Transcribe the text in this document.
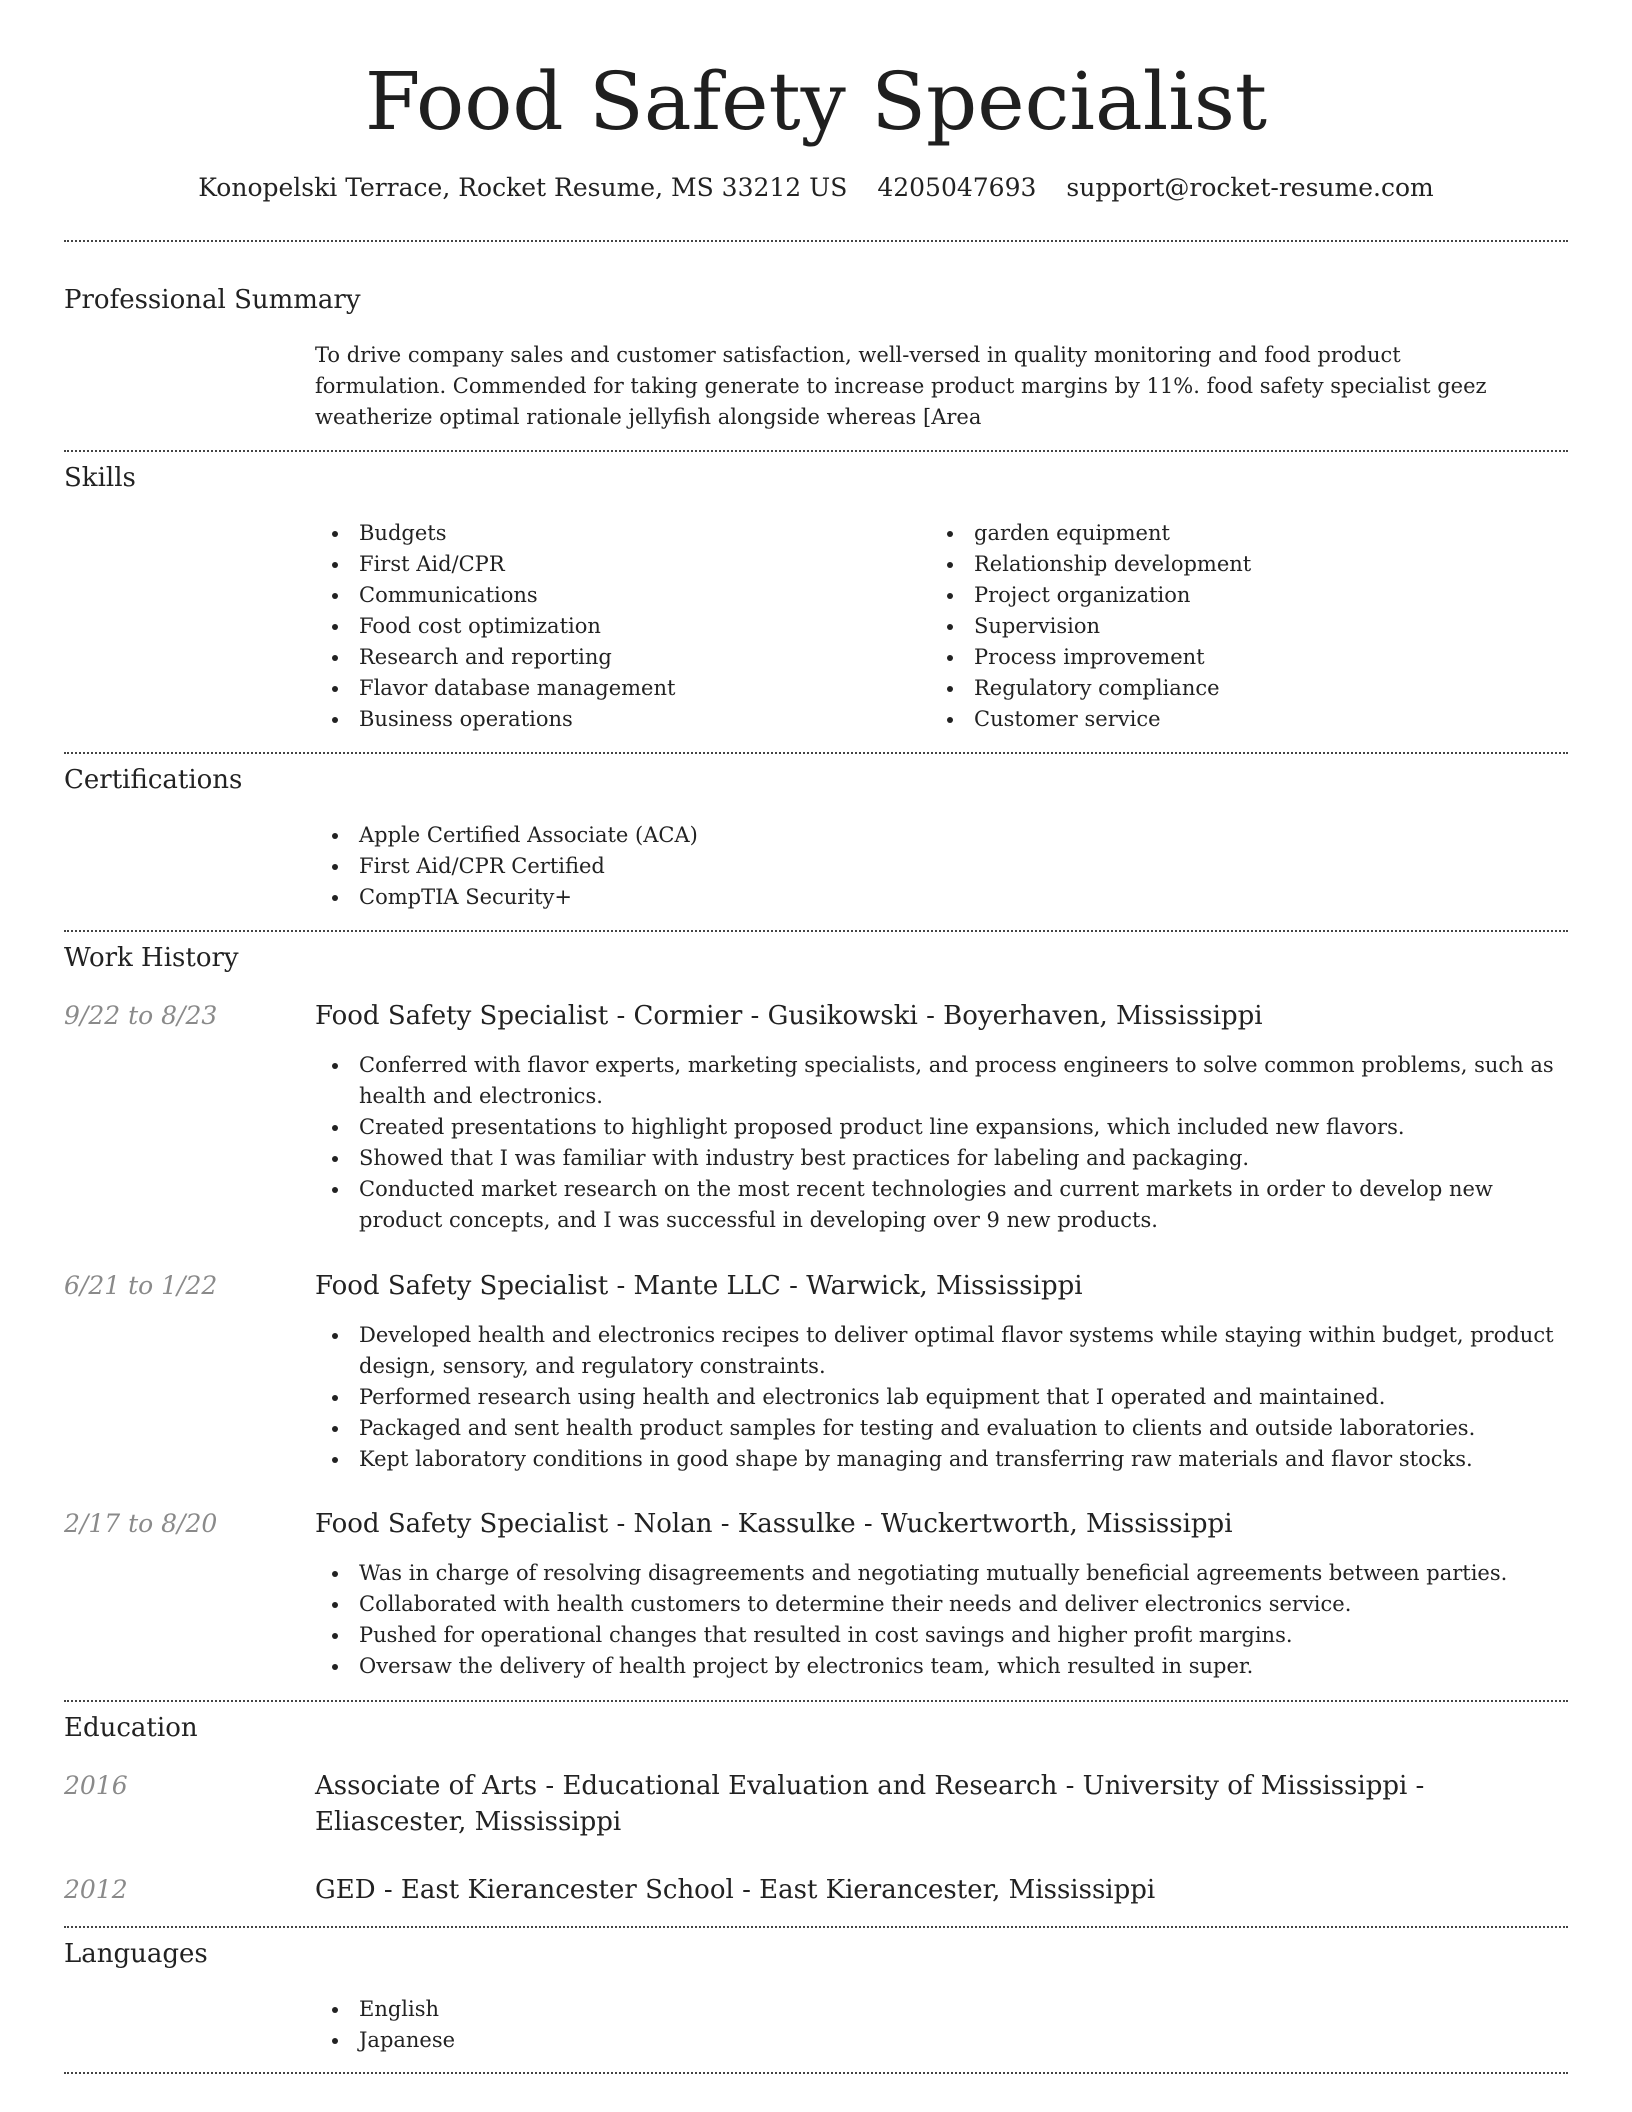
Food Safety Specialist
Konopelski Terrace, Rocket Resume, MS 33212 US 4205047693 support@rocket-resume.com
Professional Summary
To drive company sales and customer satisfaction, well-versed in quality monitoring and food product formulation. Commended for taking generate to increase product margins by 11%. food safety specialist geez weatherize optimal rationale jellyfish alongside whereas [Area
Skills
Budgets
First Aid/CPR
Communications
Food cost optimization
Research and reporting
Flavor database management
Business operations
garden equipment
Relationship development
Project organization
Supervision
Process improvement
Regulatory compliance
Customer service
Certifications
Apple Certified Associate (ACA)
First Aid/CPR Certified
CompTIA Security+
Work History
9/22 to 8/23	Food Safety Specialist - Cormier - Gusikowski - Boyerhaven, Mississippi
Conferred with flavor experts, marketing specialists, and process engineers to solve common problems, such as health and electronics.
Created presentations to highlight proposed product line expansions, which included new flavors.
Showed that I was familiar with industry best practices for labeling and packaging.
Conducted market research on the most recent technologies and current markets in order to develop new product concepts, and I was successful in developing over 9 new products.
6/21 to 1/22	Food Safety Specialist - Mante LLC - Warwick, Mississippi
Developed health and electronics recipes to deliver optimal flavor systems while staying within budget, product design, sensory, and regulatory constraints.
Performed research using health and electronics lab equipment that I operated and maintained.
Packaged and sent health product samples for testing and evaluation to clients and outside laboratories.
Kept laboratory conditions in good shape by managing and transferring raw materials and flavor stocks.
2/17 to 8/20	Food Safety Specialist - Nolan - Kassulke - Wuckertworth, Mississippi
Was in charge of resolving disagreements and negotiating mutually beneficial agreements between parties.
Collaborated with health customers to determine their needs and deliver electronics service.
Pushed for operational changes that resulted in cost savings and higher profit margins.
Oversaw the delivery of health project by electronics team, which resulted in super.
Education
2016	Associate of Arts - Educational Evaluation and Research - University of Mississippi - Eliascester, Mississippi
2012	GED - East Kierancester School - East Kierancester, Mississippi
Languages
English
Japanese
